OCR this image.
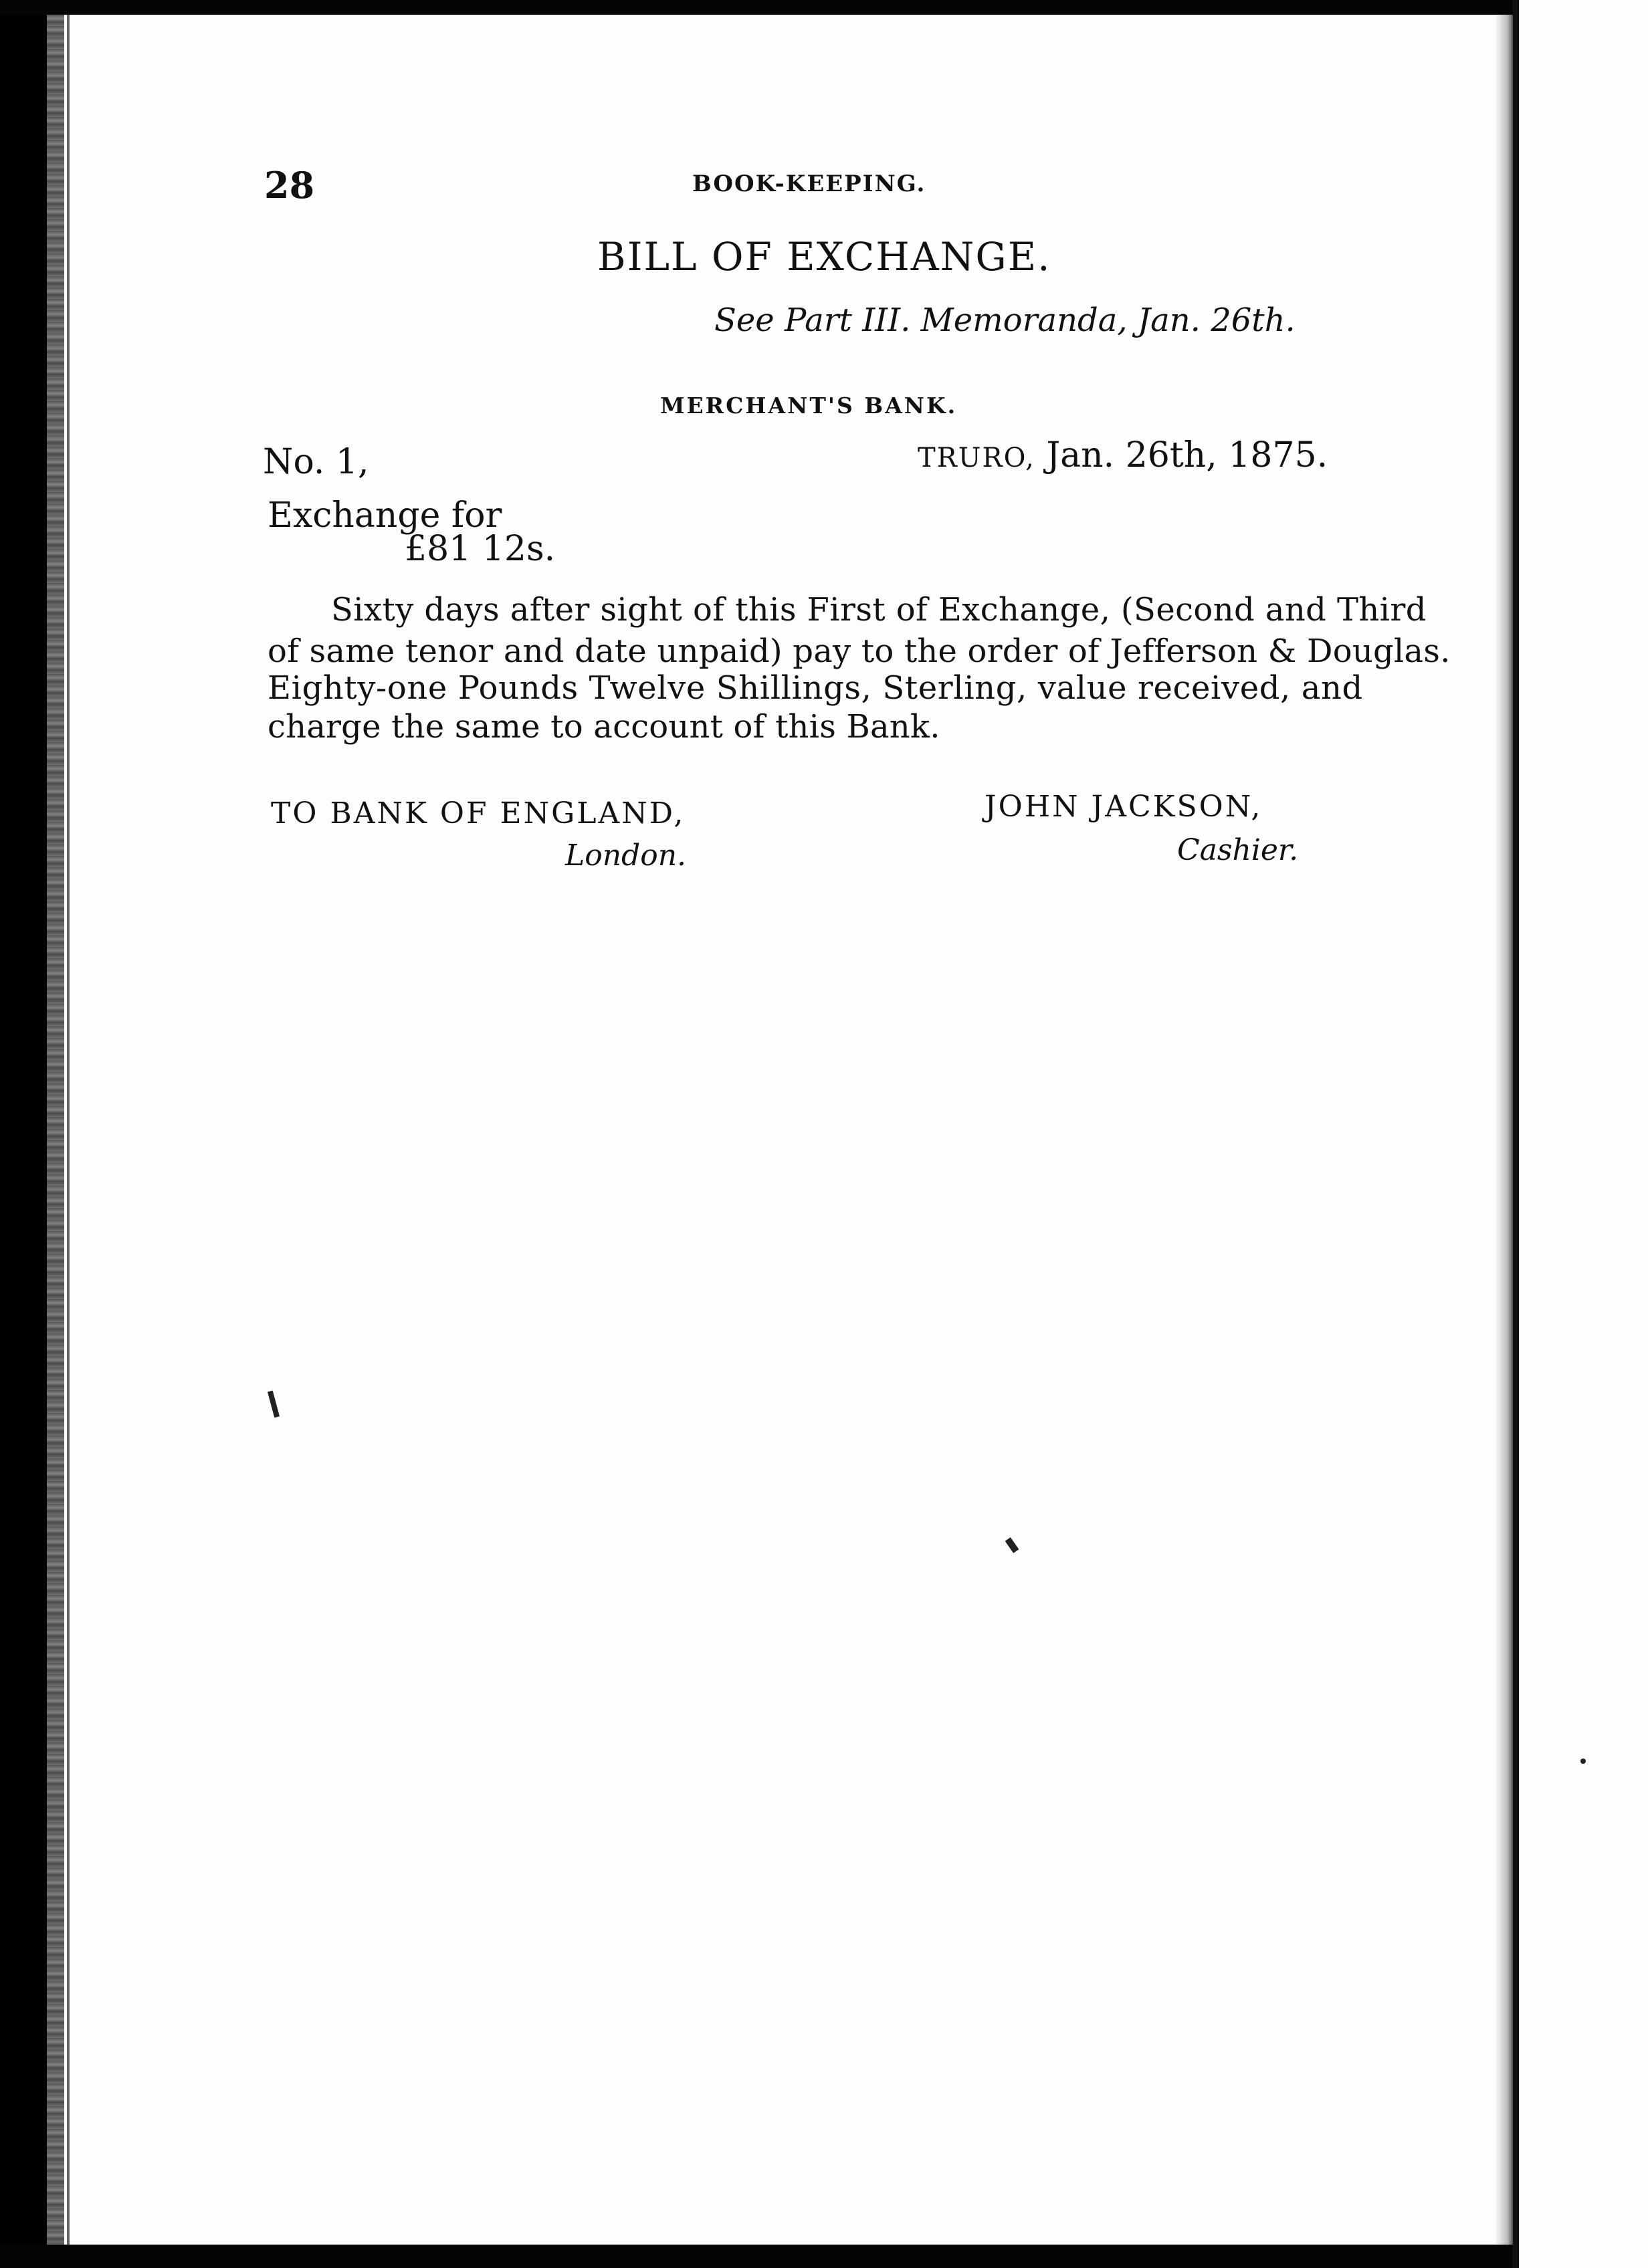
28	BOOK-KEEPING.
BILL OF EXCHANGE.
See Part III. Memoranda, Jan. 26th.
MERCHANT'S BANK.
No. 1,	TRURO, Jan. 26th, 1875.
Exchange for
£81 12s.
Sixty days after sight of this First of Exchange, (Second and Third
of same tenor and date unpaid) pay to the order of Jefferson & Douglas.
Eighty-one Pounds Twelve Shillings, Sterling, value received, and
charge the same to account of this Bank.
TO BANK OF ENGLAND,
London.
JOHN JACKSON,
Cashier.
